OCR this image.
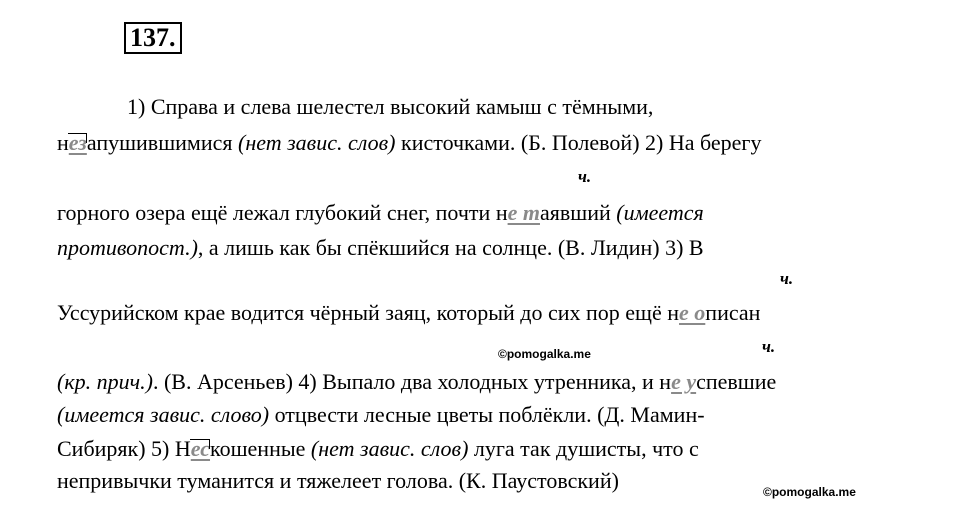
137.
1) Справа и слева шелестел высокий камыш с тёмными,
незапушившимися (нет завис. слов) кисточками. (Б. Полевой) 2) На берегу
ч.
горного озера ещё лежал глубокий снег, почти не таявший (имеется
противопост.), а лишь как бы спёкшийся на солнце. (В. Лидин) 3) В
ч.
Уссурийском крае водится чёрный заяц, который до сих пор ещё не описан
©pomogalka.me	ч.
(кр. прич.). (В. Арсеньев) 4) Выпало два холодных утренника, и не успевшие
(имеется завис. слово) отцвести лесные цветы поблёкли. (Д. Мамин-
Сибиряк) 5) Нескошенные (нет завис. слов) луга так душисты, что с
непривычки туманится и тяжелеет голова. (К. Паустовский)	©pomogalka.me
